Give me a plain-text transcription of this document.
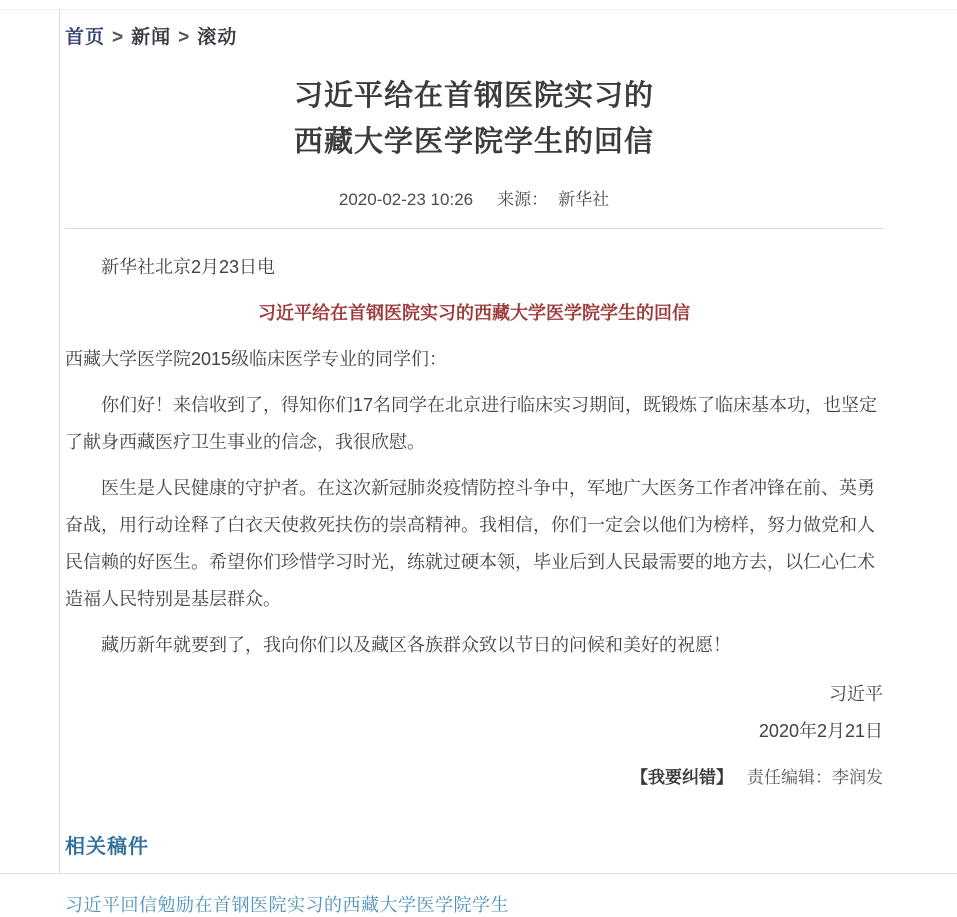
首页 > 新闻 > 滚动
习近平给在首钢医院实习的
西藏大学医学院学生的回信
2020-02-23 10:26 来源： 新华社

新华社北京2月23日电

习近平给在首钢医院实习的西藏大学医学院学生的回信

西藏大学医学院2015级临床医学专业的同学们：

你们好！来信收到了，得知你们17名同学在北京进行临床实习期间，既锻炼了临床基本功，也坚定了献身西藏医疗卫生事业的信念，我很欣慰。

医生是人民健康的守护者。在这次新冠肺炎疫情防控斗争中，军地广大医务工作者冲锋在前、英勇奋战，用行动诠释了白衣天使救死扶伤的崇高精神。我相信，你们一定会以他们为榜样，努力做党和人民信赖的好医生。希望你们珍惜学习时光，练就过硬本领，毕业后到人民最需要的地方去，以仁心仁术造福人民特别是基层群众。

藏历新年就要到了，我向你们以及藏区各族群众致以节日的问候和美好的祝愿！

习近平

2020年2月21日

【我要纠错】 责任编辑：李润发
相关稿件
习近平回信勉励在首钢医院实习的西藏大学医学院学生
